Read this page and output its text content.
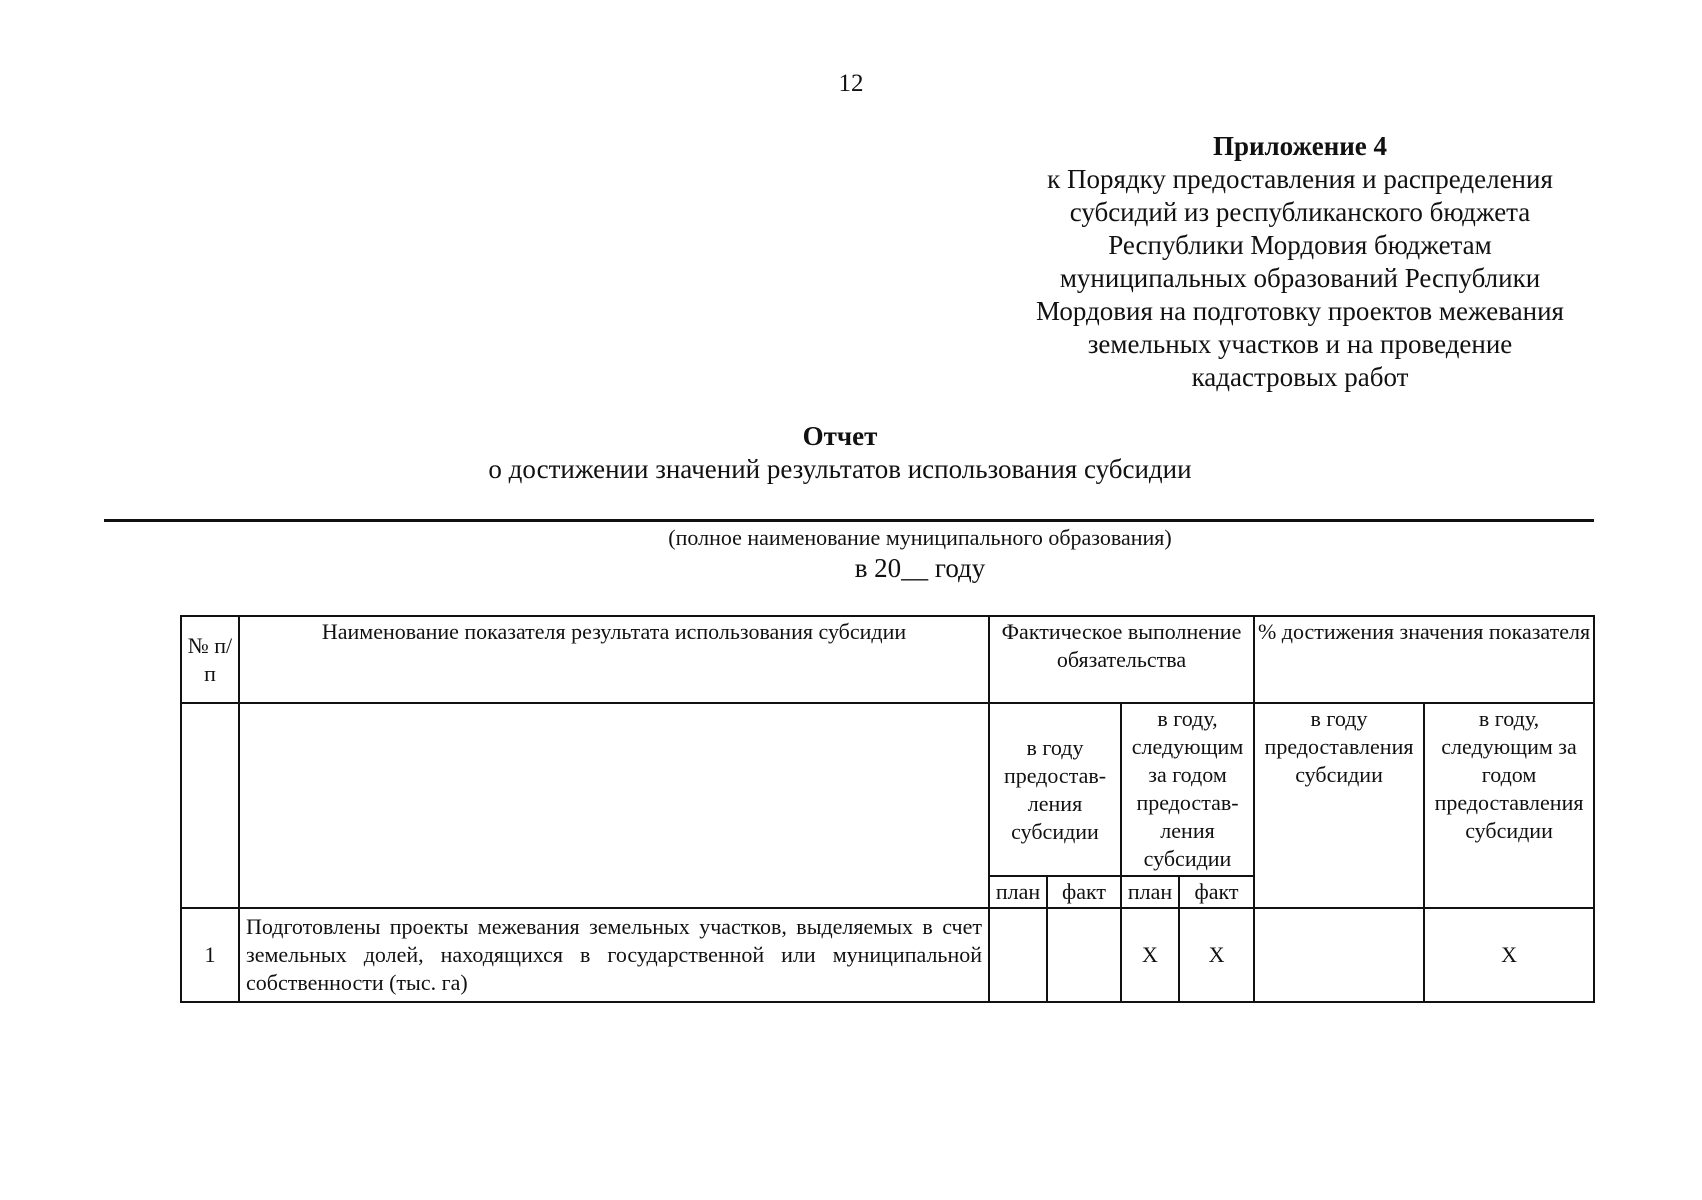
12
Приложение 4
к Порядку предоставления и распределения
субсидий из республиканского бюджета
Республики Мордовия бюджетам
муниципальных образований Республики
Мордовия на подготовку проектов межевания
земельных участков и на проведение
кадастровых работ
Отчет
о достижении значений результатов использования субсидии
(полное наименование муниципального образования)
в 20__ году
№ п/п	Наименование показателя результата использования субсидии	Фактическое выполнение обязательства				% достижения значения показателя	
		в году предостав-ления субсидии		в году, следующим за годом предостав-ления субсидии		в году предоставления субсидии	в году, следующим за годом предоставления субсидии
		план	факт	план	факт		
1	Подготовлены проекты межевания земельных участков, выделяемых в счет земельных долей, находящихся в государственной или муниципальной собственности (тыс. га)			Х	Х		Х
